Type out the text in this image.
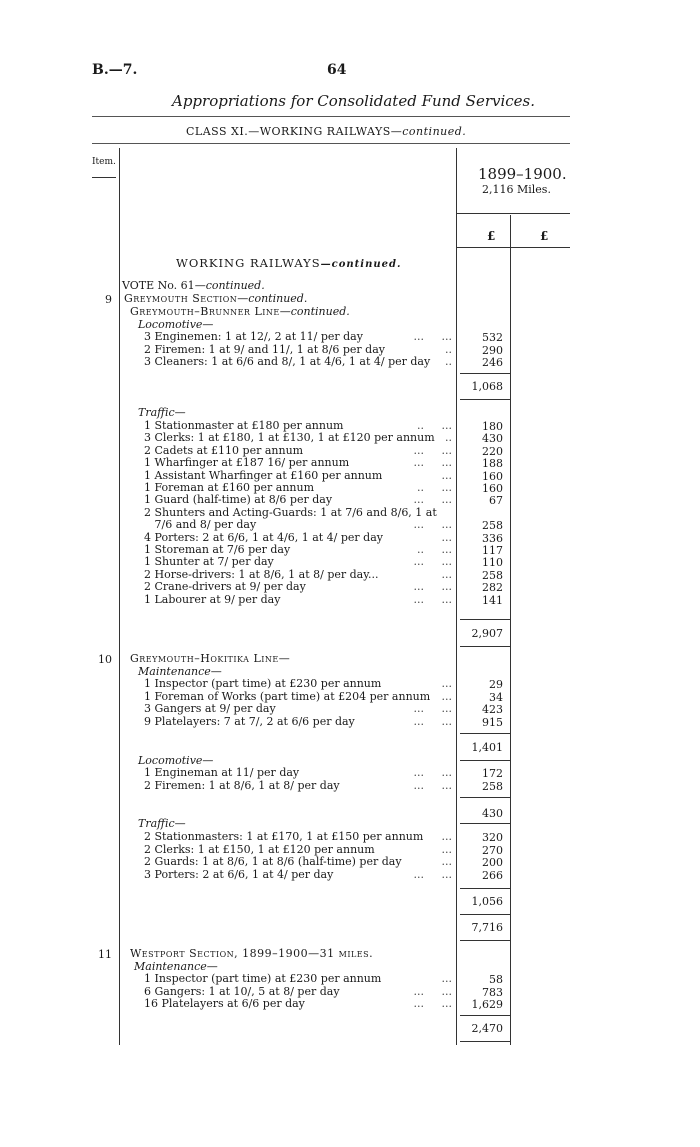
B.—7.	64
Appropriations for Consolidated Fund Services.
CLASS XI.—WORKING RAILWAYS—continued.
Item.
1899–1900.
2,116 Miles.
£	£
WORKING RAILWAYS—continued.
VOTE No. 61—continued.
9 Greymouth Section—continued.
Greymouth–Brunner Line—continued.
Locomotive—
3 Enginemen: 1 at 12/, 2 at 11/ per day	...     ...	532
2 Firemen: 1 at 9/ and 11/, 1 at 8/6 per day	..	290
3 Cleaners: 1 at 6/6 and 8/, 1 at 4/6, 1 at 4/ per day	..	246
1,068
Traffic—
1 Stationmaster at £180 per annum	..     ...	180
3 Clerks: 1 at £180, 1 at £130, 1 at £120 per annum ..	430
2 Cadets at £110 per annum	...     ...	220
1 Wharfinger at £187 16/ per annum	...     ...	188
1 Assistant Wharfinger at £160 per annum	...	160
1 Foreman at £160 per annum	..     ...	160
1 Guard (half-time) at 8/6 per day	...     ...	67
2 Shunters and Acting-Guards: 1 at 7/6 and 8/6, 1 at
7/6 and 8/ per day	...     ...	258
4 Porters: 2 at 6/6, 1 at 4/6, 1 at 4/ per day	...	336
1 Storeman at 7/6 per day	..     ...	117
1 Shunter at 7/ per day	...     ...	110
2 Horse-drivers: 1 at 8/6, 1 at 8/ per day...	...	258
2 Crane-drivers at 9/ per day	...     ...	282
1 Labourer at 9/ per day	...     ...	141
2,907
10 Greymouth–Hokitika Line—
Maintenance—
1 Inspector (part time) at £230 per annum	...	29
1 Foreman of Works (part time) at £204 per annum	...	34
3 Gangers at 9/ per day	...     ...	423
9 Platelayers: 7 at 7/, 2 at 6/6 per day	...     ...	915
1,401
Locomotive—
1 Engineman at 11/ per day	...     ...	172
2 Firemen: 1 at 8/6, 1 at 8/ per day	...     ...	258
430
Traffic—
2 Stationmasters: 1 at £170, 1 at £150 per annum	...	320
2 Clerks: 1 at £150, 1 at £120 per annum	...	270
2 Guards: 1 at 8/6, 1 at 8/6 (half-time) per day	...	200
3 Porters: 2 at 6/6, 1 at 4/ per day	...     ...	266
1,056
7,716
11 Westport Section, 1899–1900—31 miles.
Maintenance—
1 Inspector (part time) at £230 per annum	...	58
6 Gangers: 1 at 10/, 5 at 8/ per day	...     ...	783
16 Platelayers at 6/6 per day	...     ...	1,629
2,470
